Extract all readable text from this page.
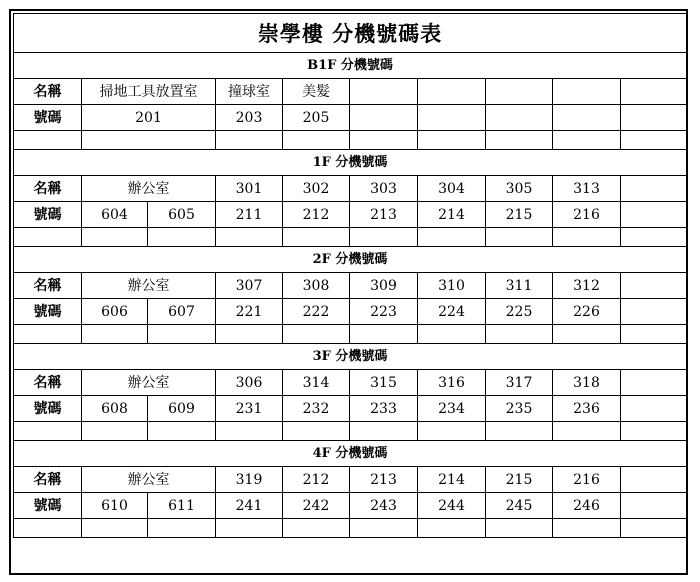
崇學樓 分機號碼表									
B1F 分機號碼									
名稱	掃地工具放置室		撞球室	美髮					
號碼	201		203	205					

1F 分機號碼									
名稱	辦公室		301	302	303	304	305	313	
號碼	604	605	211	212	213	214	215	216	

2F 分機號碼									
名稱	辦公室		307	308	309	310	311	312	
號碼	606	607	221	222	223	224	225	226	

3F 分機號碼									
名稱	辦公室		306	314	315	316	317	318	
號碼	608	609	231	232	233	234	235	236	

4F 分機號碼									
名稱	辦公室		319	212	213	214	215	216	
號碼	610	611	241	242	243	244	245	246	
